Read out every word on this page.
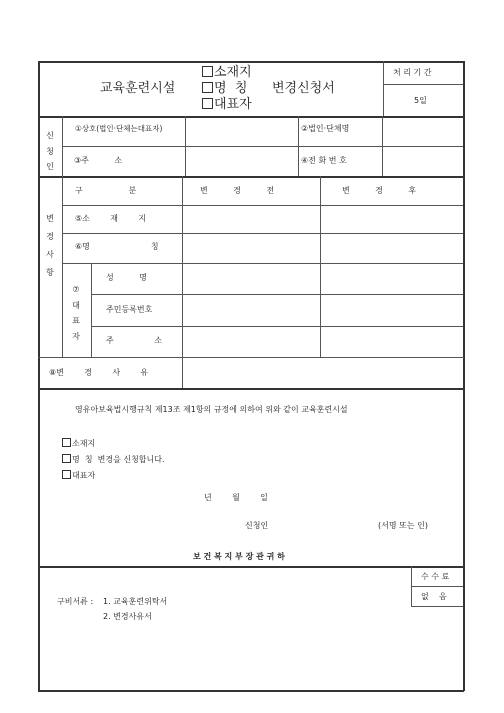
교육훈련시설
소재지
명  칭
대표자
변경신청서
처 리 기 간
5일
신청인
①상호(법인·단체는대표자)	②법인·단체명
③주          소	④전 화 번 호
변경사항
구                  분	변          경          전	변          경          후
⑤소        재        지
⑥명                        칭
⑦대표자
성          명
주민등록번호
주                소
⑧변        경        사        유
영유아보육법시행규칙 제13조 제1항의 규정에 의하여 위와 같이 교육훈련시설
소재지
명  칭  변경을 신청합니다.
대표자
년        월        일
신청인	(서명 또는 인)
보 건 복 지 부 장 관 귀 하
구비서류 : 1. 교육훈련위탁서
2. 변경사유서
수 수 료
없    음
